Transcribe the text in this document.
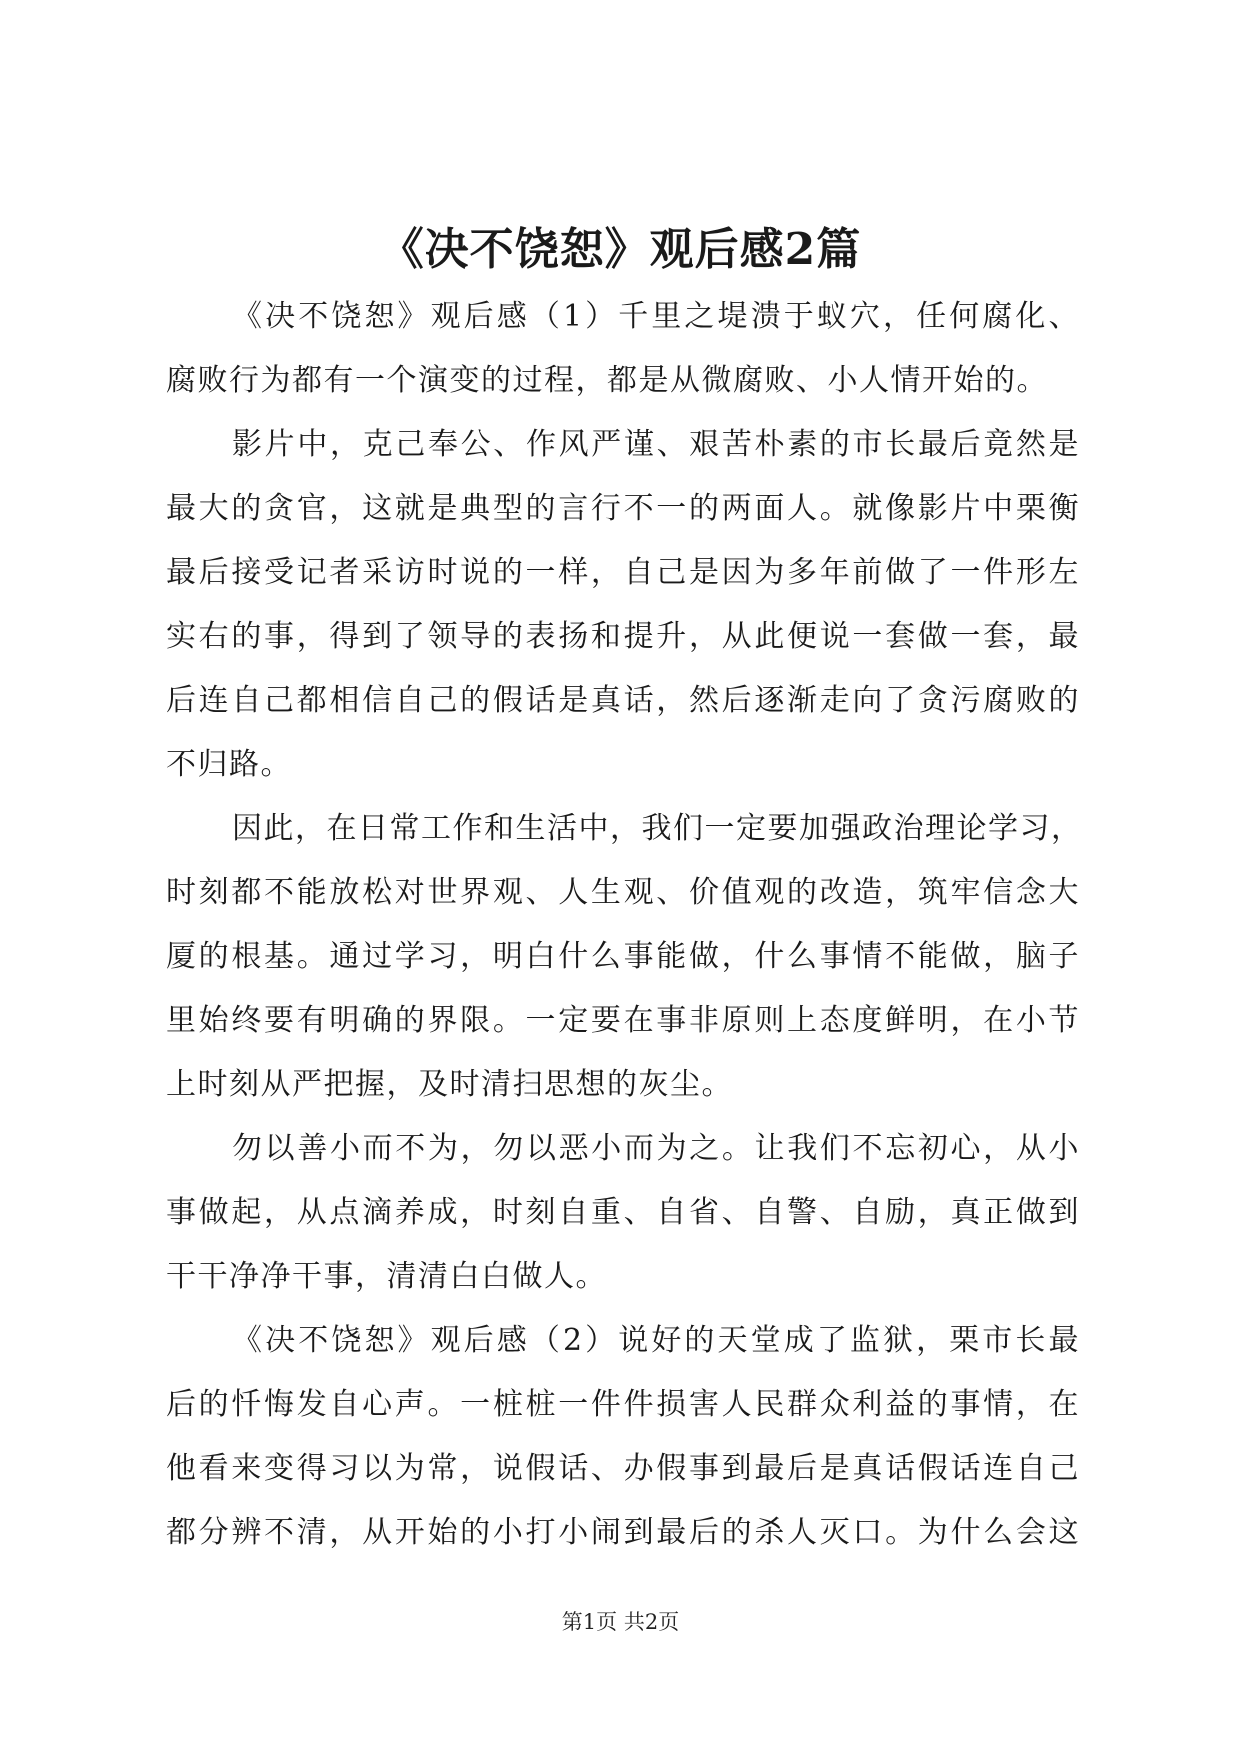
《决不饶恕》观后感2篇
《决不饶恕》观后感（1）千里之堤溃于蚁穴，任何腐化、
腐败行为都有一个演变的过程，都是从微腐败、小人情开始的。
影片中，克己奉公、作风严谨、艰苦朴素的市长最后竟然是
最大的贪官，这就是典型的言行不一的两面人。就像影片中栗衡
最后接受记者采访时说的一样，自己是因为多年前做了一件形左
实右的事，得到了领导的表扬和提升，从此便说一套做一套，最
后连自己都相信自己的假话是真话，然后逐渐走向了贪污腐败的
不归路。
因此，在日常工作和生活中，我们一定要加强政治理论学习，
时刻都不能放松对世界观、人生观、价值观的改造，筑牢信念大
厦的根基。通过学习，明白什么事能做，什么事情不能做，脑子
里始终要有明确的界限。一定要在事非原则上态度鲜明，在小节
上时刻从严把握，及时清扫思想的灰尘。
勿以善小而不为，勿以恶小而为之。让我们不忘初心，从小
事做起，从点滴养成，时刻自重、自省、自警、自励，真正做到
干干净净干事，清清白白做人。
《决不饶恕》观后感（2）说好的天堂成了监狱，栗市长最
后的忏悔发自心声。一桩桩一件件损害人民群众利益的事情，在
他看来变得习以为常，说假话、办假事到最后是真话假话连自己
都分辨不清，从开始的小打小闹到最后的杀人灭口。为什么会这
第1页 共2页
